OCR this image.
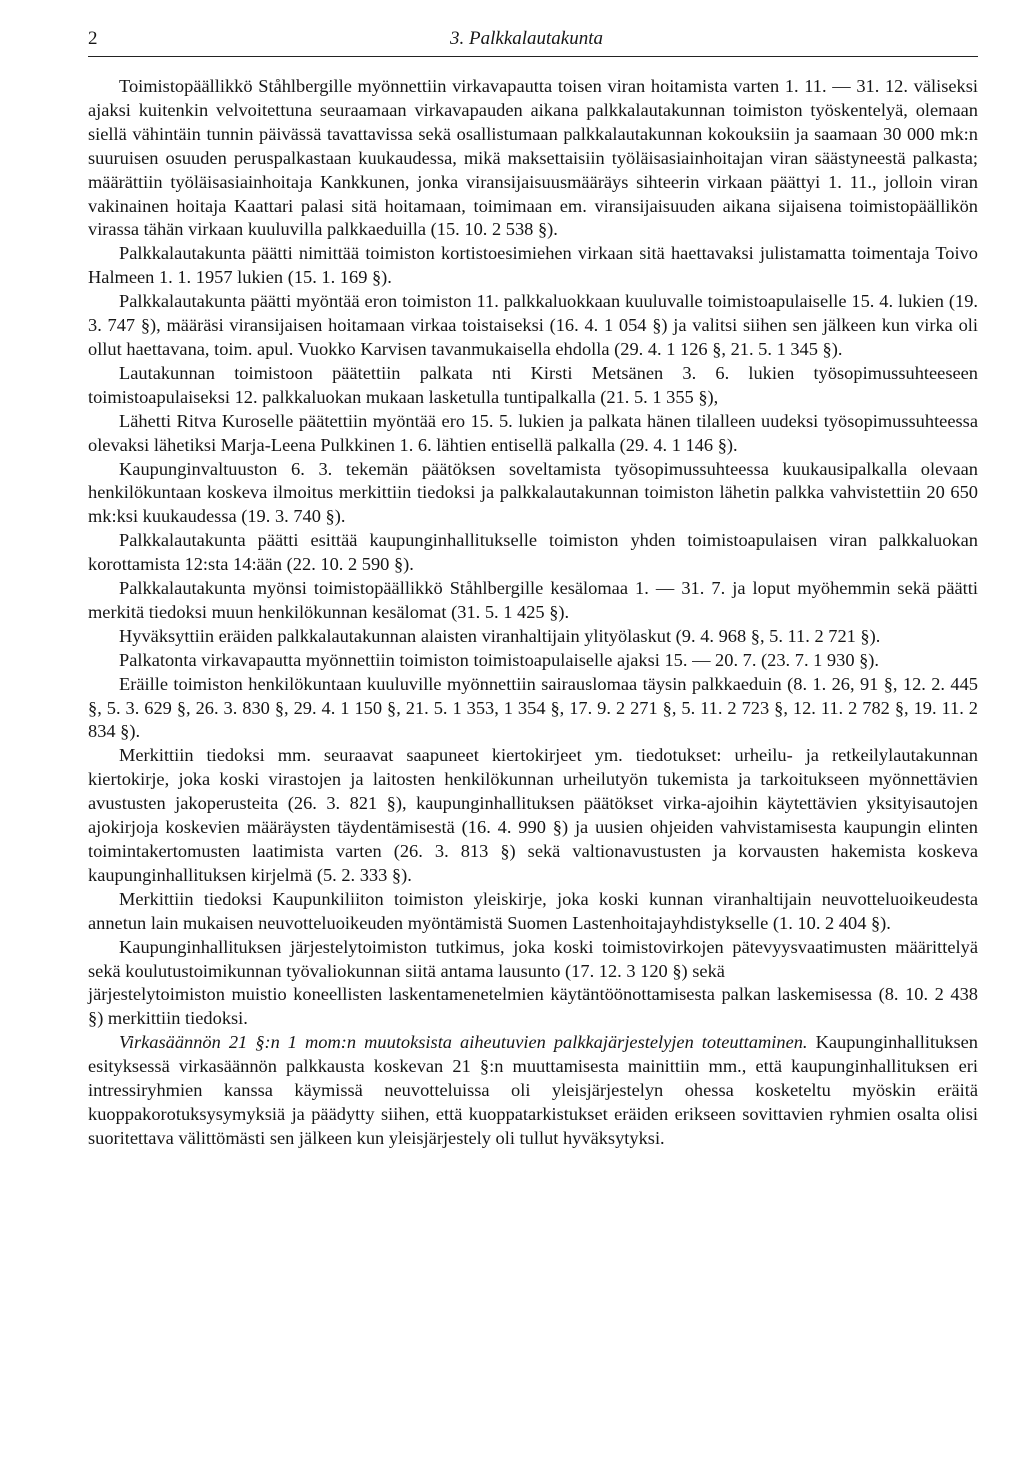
2	3. Palkkalautakunta

Toimistopäällikkö Ståhlbergille myönnettiin virkavapautta toisen viran hoitamista varten 1. 11. — 31. 12. väliseksi ajaksi kuitenkin velvoitettuna seuraamaan virkavapauden aikana palkkalautakunnan toimiston työskentelyä, olemaan siellä vähintäin tunnin päivässä tavattavissa sekä osallistumaan palkkalautakunnan kokouksiin ja saamaan 30 000 mk:n suuruisen osuuden peruspalkastaan kuukaudessa, mikä maksettaisiin työläisasiainhoitajan viran säästyneestä palkasta; määrättiin työläisasiainhoitaja Kankkunen, jonka viransijaisuusmääräys sihteerin virkaan päättyi 1. 11., jolloin viran vakinainen hoitaja Kaattari palasi sitä hoitamaan, toimimaan em. viransijaisuuden aikana sijaisena toimistopäällikön virassa tähän virkaan kuuluvilla palkkaeduilla (15. 10. 2 538 §).

Palkkalautakunta päätti nimittää toimiston kortistoesimiehen virkaan sitä haettavaksi julistamatta toimentaja Toivo Halmeen 1. 1. 1957 lukien (15. 1. 169 §).

Palkkalautakunta päätti myöntää eron toimiston 11. palkkaluokkaan kuuluvalle toimistoapulaiselle 15. 4. lukien (19. 3. 747 §), määräsi viransijaisen hoitamaan virkaa toistaiseksi (16. 4. 1 054 §) ja valitsi siihen sen jälkeen kun virka oli ollut haettavana, toim. apul. Vuokko Karvisen tavanmukaisella ehdolla (29. 4. 1 126 §, 21. 5. 1 345 §).

Lautakunnan toimistoon päätettiin palkata nti Kirsti Metsänen 3. 6. lukien työsopimussuhteeseen toimistoapulaiseksi 12. palkkaluokan mukaan lasketulla tuntipalkalla (21. 5. 1 355 §),

Lähetti Ritva Kuroselle päätettiin myöntää ero 15. 5. lukien ja palkata hänen tilalleen uudeksi työsopimussuhteessa olevaksi lähetiksi Marja-Leena Pulkkinen 1. 6. lähtien entisellä palkalla (29. 4. 1 146 §).

Kaupunginvaltuuston 6. 3. tekemän päätöksen soveltamista työsopimussuhteessa kuukausipalkalla olevaan henkilökuntaan koskeva ilmoitus merkittiin tiedoksi ja palkkalautakunnan toimiston lähetin palkka vahvistettiin 20 650 mk:ksi kuukaudessa (19. 3. 740 §).

Palkkalautakunta päätti esittää kaupunginhallitukselle toimiston yhden toimistoapulaisen viran palkkaluokan korottamista 12:sta 14:ään (22. 10. 2 590 §).

Palkkalautakunta myönsi toimistopäällikkö Ståhlbergille kesälomaa 1. — 31. 7. ja loput myöhemmin sekä päätti merkitä tiedoksi muun henkilökunnan kesälomat (31. 5. 1 425 §).

Hyväksyttiin eräiden palkkalautakunnan alaisten viranhaltijain ylityölaskut (9. 4. 968 §, 5. 11. 2 721 §).

Palkatonta virkavapautta myönnettiin toimiston toimistoapulaiselle ajaksi 15. — 20. 7. (23. 7. 1 930 §).

Eräille toimiston henkilökuntaan kuuluville myönnettiin sairauslomaa täysin palkkaeduin (8. 1. 26, 91 §, 12. 2. 445 §, 5. 3. 629 §, 26. 3. 830 §, 29. 4. 1 150 §, 21. 5. 1 353, 1 354 §, 17. 9. 2 271 §, 5. 11. 2 723 §, 12. 11. 2 782 §, 19. 11. 2 834 §).

Merkittiin tiedoksi mm. seuraavat saapuneet kiertokirjeet ym. tiedotukset: urheilu- ja retkeilylautakunnan kiertokirje, joka koski virastojen ja laitosten henkilökunnan urheilutyön tukemista ja tarkoitukseen myönnettävien avustusten jakoperusteita (26. 3. 821 §), kaupunginhallituksen päätökset virka-ajoihin käytettävien yksityisautojen ajokirjoja koskevien määräysten täydentämisestä (16. 4. 990 §) ja uusien ohjeiden vahvistamisesta kaupungin elinten toimintakertomusten laatimista varten (26. 3. 813 §) sekä valtionavustusten ja korvausten hakemista koskeva kaupunginhallituksen kirjelmä (5. 2. 333 §).

Merkittiin tiedoksi Kaupunkiliiton toimiston yleiskirje, joka koski kunnan viranhaltijain neuvotteluoikeudesta annetun lain mukaisen neuvotteluoikeuden myöntämistä Suomen Lastenhoitajayhdistykselle (1. 10. 2 404 §).

Kaupunginhallituksen järjestelytoimiston tutkimus, joka koski toimistovirkojen pätevyysvaatimusten määrittelyä sekä koulutustoimikunnan työvaliokunnan siitä antama lausunto (17. 12. 3 120 §) sekä

järjestelytoimiston muistio koneellisten laskentamenetelmien käytäntöönottamisesta palkan laskemisessa (8. 10. 2 438 §) merkittiin tiedoksi.

Virkasäännön 21 §:n 1 mom:n muutoksista aiheutuvien palkkajärjestelyjen toteuttaminen. Kaupunginhallituksen esityksessä virkasäännön palkkausta koskevan 21 §:n muuttamisesta mainittiin mm., että kaupunginhallituksen eri intressiryhmien kanssa käymissä neuvotteluissa oli yleisjärjestelyn ohessa kosketeltu myöskin eräitä kuoppakorotuksysymyksiä ja päädytty siihen, että kuoppatarkistukset eräiden erikseen sovittavien ryhmien osalta olisi suoritettava välittömästi sen jälkeen kun yleisjärjestely oli tullut hyväksytyksi.
